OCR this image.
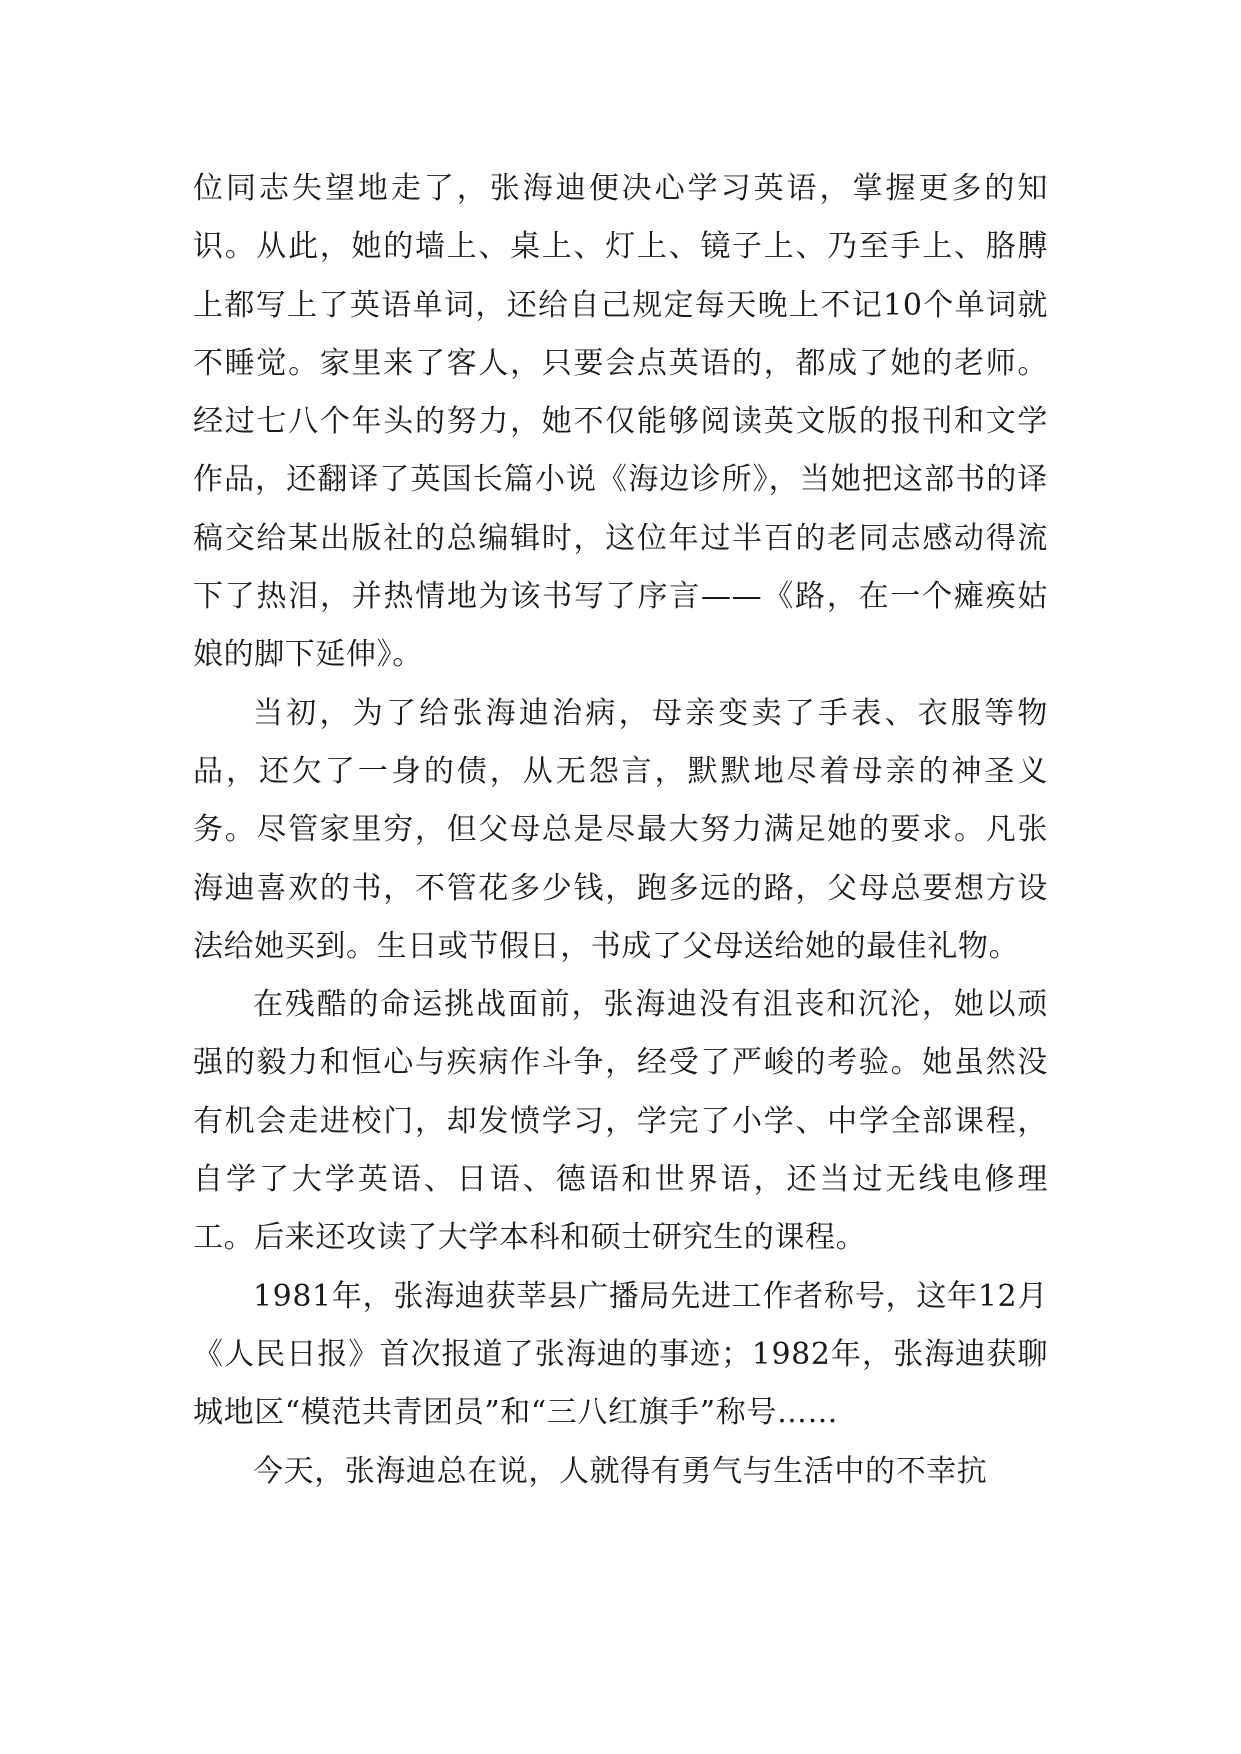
位同志失望地走了，张海迪便决心学习英语，掌握更多的知识。从此，她的墙上、桌上、灯上、镜子上、乃至手上、胳膊上都写上了英语单词，还给自己规定每天晚上不记10个单词就不睡觉。家里来了客人，只要会点英语的，都成了她的老师。经过七八个年头的努力，她不仅能够阅读英文版的报刊和文学作品，还翻译了英国长篇小说《海边诊所》，当她把这部书的译稿交给某出版社的总编辑时，这位年过半百的老同志感动得流下了热泪，并热情地为该书写了序言——《路，在一个瘫痪姑娘的脚下延伸》。

当初，为了给张海迪治病，母亲变卖了手表、衣服等物品，还欠了一身的债，从无怨言，默默地尽着母亲的神圣义务。尽管家里穷，但父母总是尽最大努力满足她的要求。凡张海迪喜欢的书，不管花多少钱，跑多远的路，父母总要想方设法给她买到。生日或节假日，书成了父母送给她的最佳礼物。

在残酷的命运挑战面前，张海迪没有沮丧和沉沦，她以顽强的毅力和恒心与疾病作斗争，经受了严峻的考验。她虽然没有机会走进校门，却发愤学习，学完了小学、中学全部课程，自学了大学英语、日语、德语和世界语，还当过无线电修理工。后来还攻读了大学本科和硕士研究生的课程。

1981年，张海迪获莘县广播局先进工作者称号，这年12月《人民日报》首次报道了张海迪的事迹；1982年，张海迪获聊城地区“模范共青团员”和“三八红旗手”称号……

今天，张海迪总在说，人就得有勇气与生活中的不幸抗
